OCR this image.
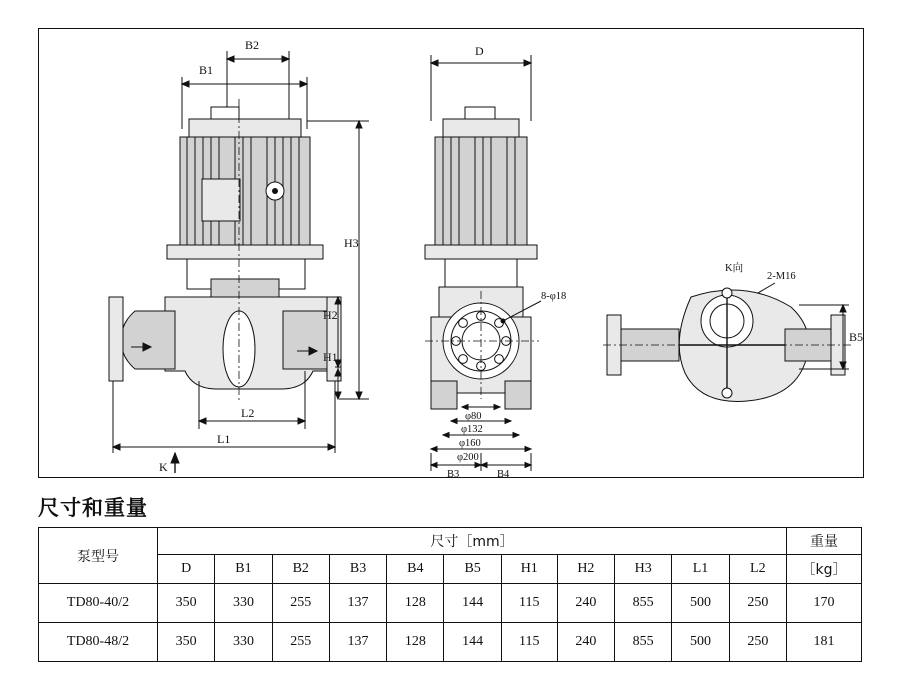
B2
B1
H3
H2
H1
L2
L1
K
D
8-φ18
φ80
φ132
φ160
φ200
B3	B4
K向
2-M16
B5
尺寸和重量
泵型号	尺寸［mm］											重量
	D	B1	B2	B3	B4	B5	H1	H2	H3	L1	L2	［kg］
TD80-40/2	350	330	255	137	128	144	115	240	855	500	250	170
TD80-48/2	350	330	255	137	128	144	115	240	855	500	250	181
